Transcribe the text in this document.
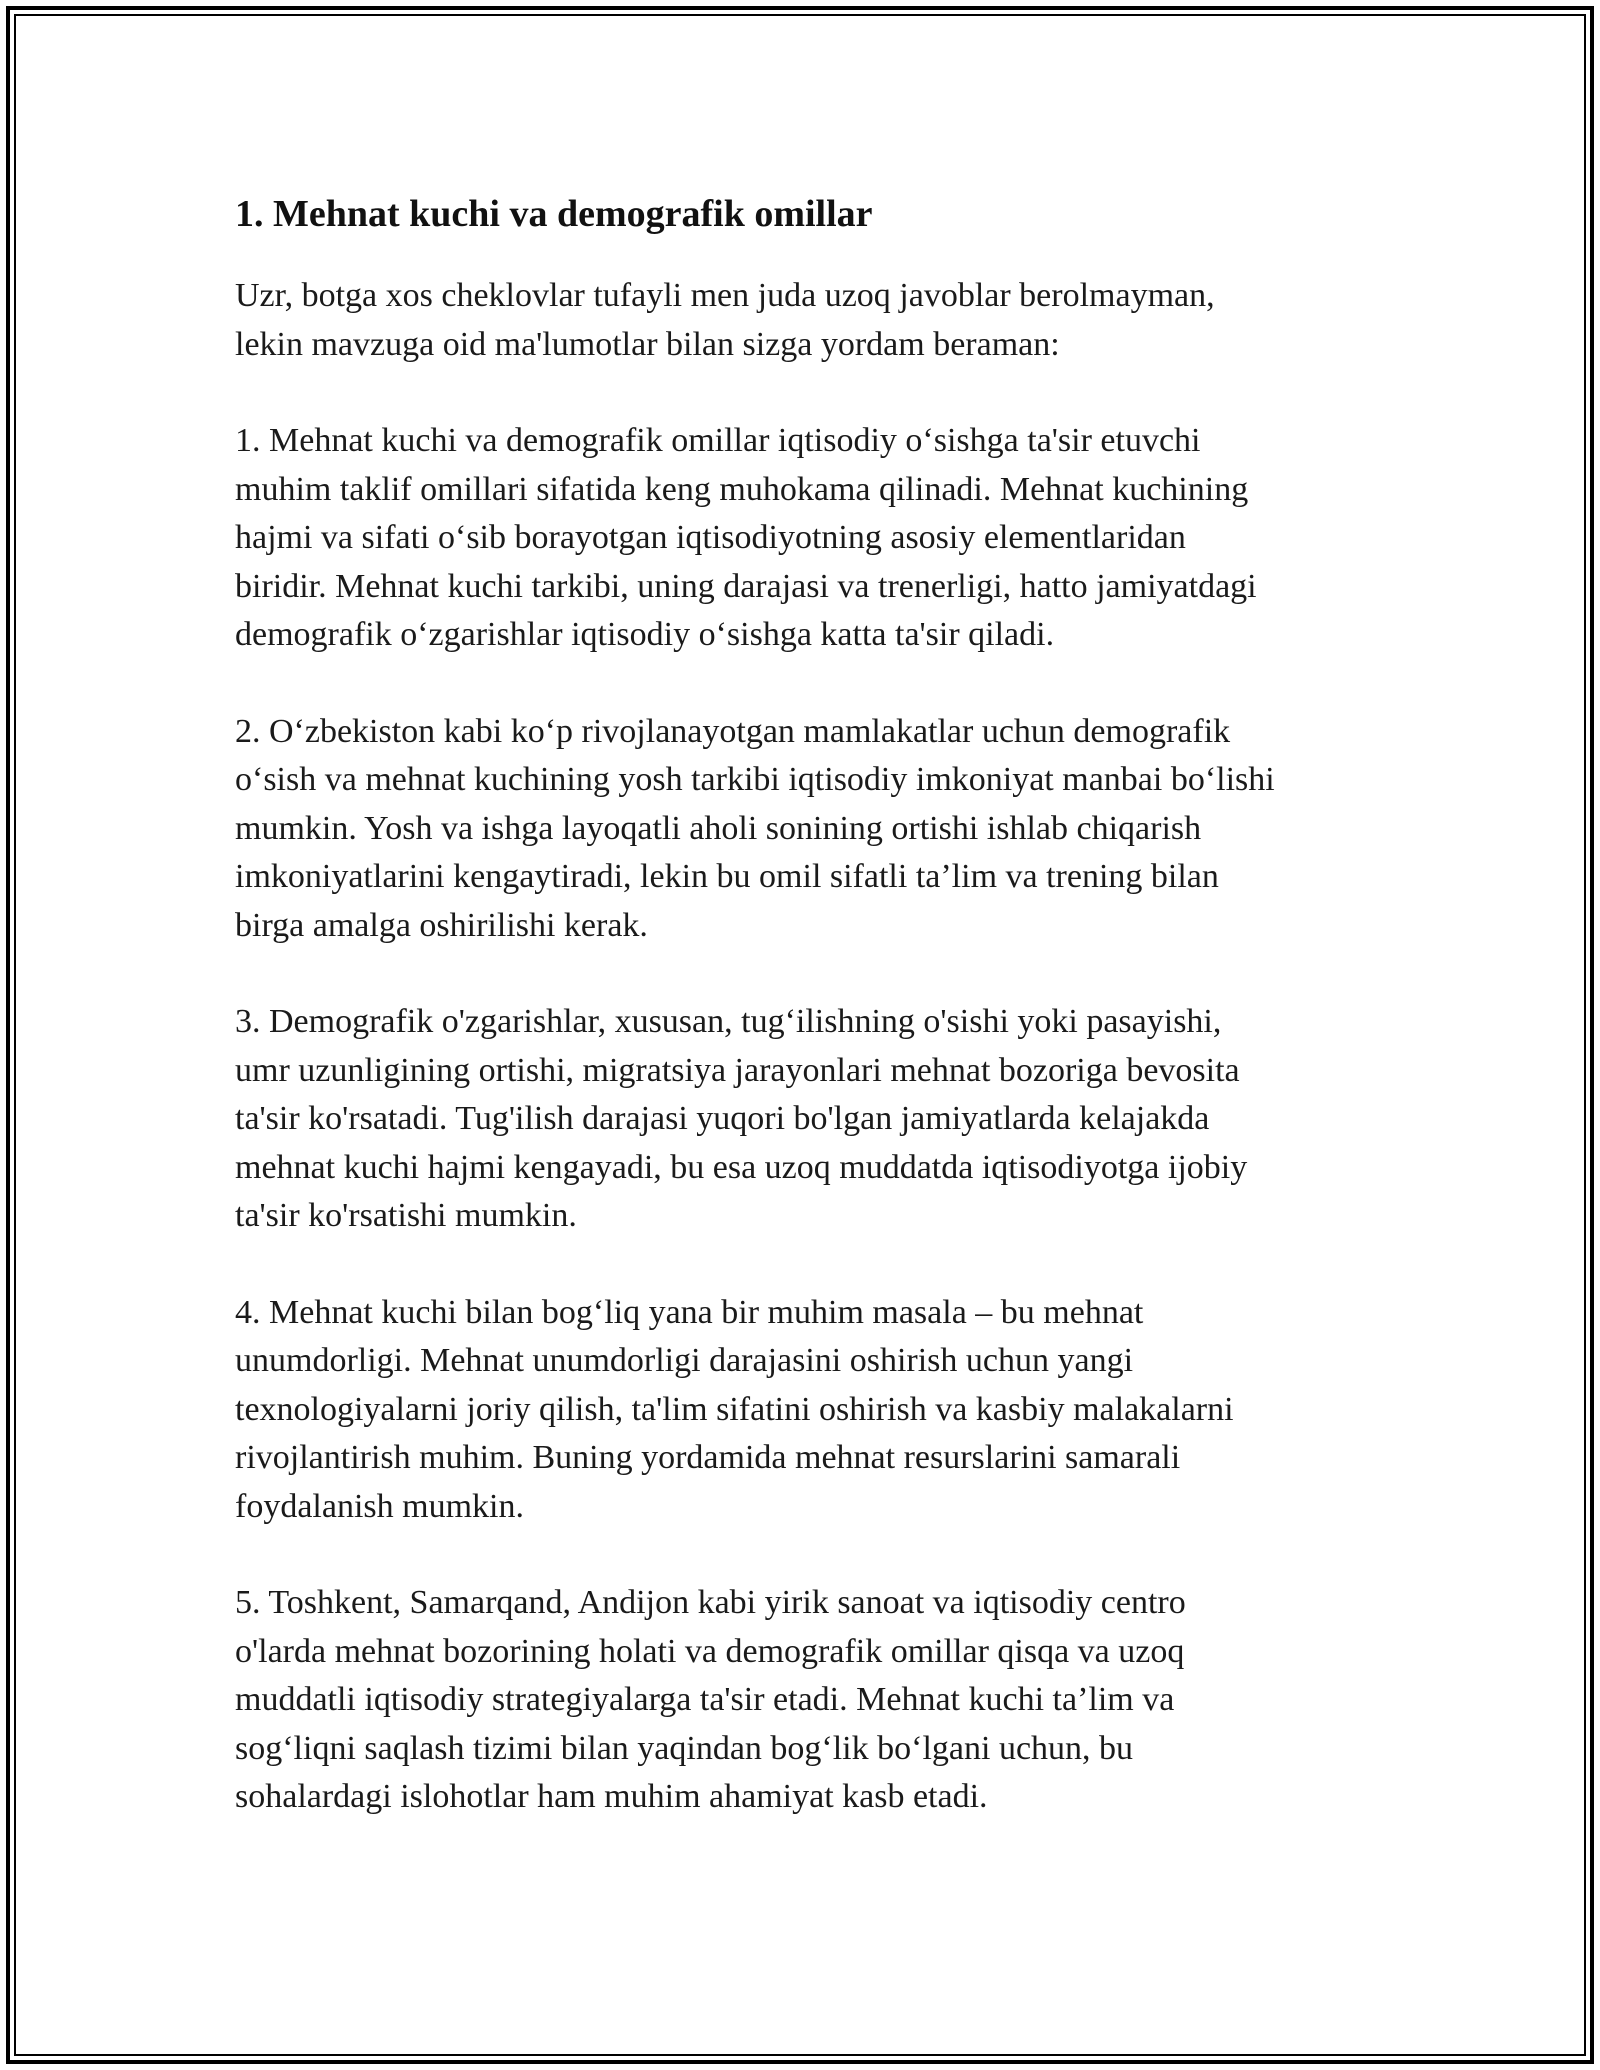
1. Mehnat kuchi va demografik omillar

Uzr, botga xos cheklovlar tufayli men juda uzoq javoblar berolmayman,
lekin mavzuga oid ma'lumotlar bilan sizga yordam beraman:

1. Mehnat kuchi va demografik omillar iqtisodiy o‘sishga ta'sir etuvchi
muhim taklif omillari sifatida keng muhokama qilinadi. Mehnat kuchining
hajmi va sifati o‘sib borayotgan iqtisodiyotning asosiy elementlaridan
biridir. Mehnat kuchi tarkibi, uning darajasi va trenerligi, hatto jamiyatdagi
demografik o‘zgarishlar iqtisodiy o‘sishga katta ta'sir qiladi.

2. O‘zbekiston kabi ko‘p rivojlanayotgan mamlakatlar uchun demografik
o‘sish va mehnat kuchining yosh tarkibi iqtisodiy imkoniyat manbai bo‘lishi
mumkin. Yosh va ishga layoqatli aholi sonining ortishi ishlab chiqarish
imkoniyatlarini kengaytiradi, lekin bu omil sifatli ta’lim va trening bilan
birga amalga oshirilishi kerak.

3. Demografik o'zgarishlar, xususan, tug‘ilishning o'sishi yoki pasayishi,
umr uzunligining ortishi, migratsiya jarayonlari mehnat bozoriga bevosita
ta'sir ko'rsatadi. Tug'ilish darajasi yuqori bo'lgan jamiyatlarda kelajakda
mehnat kuchi hajmi kengayadi, bu esa uzoq muddatda iqtisodiyotga ijobiy
ta'sir ko'rsatishi mumkin.

4. Mehnat kuchi bilan bog‘liq yana bir muhim masala – bu mehnat
unumdorligi. Mehnat unumdorligi darajasini oshirish uchun yangi
texnologiyalarni joriy qilish, ta'lim sifatini oshirish va kasbiy malakalarni
rivojlantirish muhim. Buning yordamida mehnat resurslarini samarali
foydalanish mumkin.

5. Toshkent, Samarqand, Andijon kabi yirik sanoat va iqtisodiy centro
o'larda mehnat bozorining holati va demografik omillar qisqa va uzoq
muddatli iqtisodiy strategiyalarga ta'sir etadi. Mehnat kuchi ta’lim va
sog‘liqni saqlash tizimi bilan yaqindan bog‘lik bo‘lgani uchun, bu
sohalardagi islohotlar ham muhim ahamiyat kasb etadi.
